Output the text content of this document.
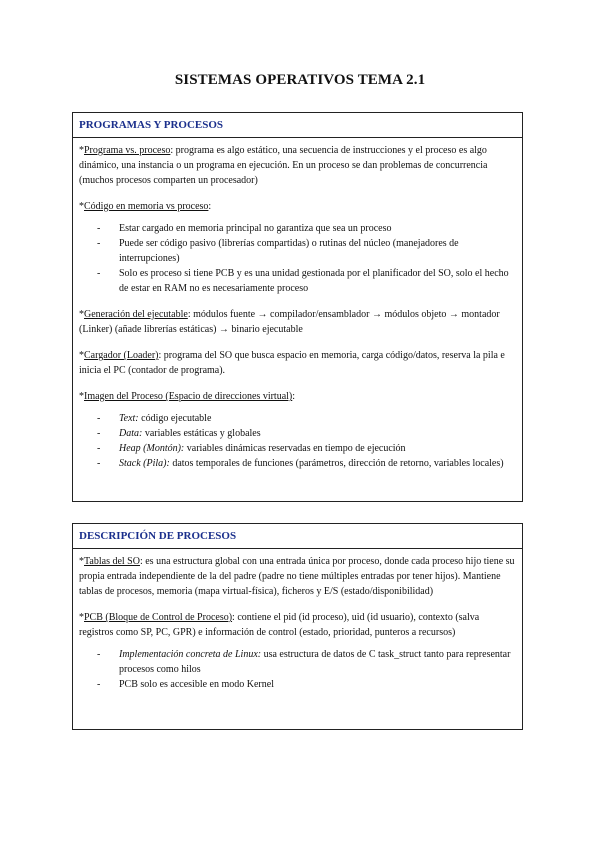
SISTEMAS OPERATIVOS TEMA 2.1
PROGRAMAS Y PROCESOS

*Programa vs. proceso: programa es algo estático, una secuencia de instrucciones y el proceso es algo dinámico, una instancia o un programa en ejecución. En un proceso se dan problemas de concurrencia (muchos procesos comparten un procesador)

*Código en memoria vs proceso:

- Estar cargado en memoria principal no garantiza que sea un proceso
- Puede ser código pasivo (librerías compartidas) o rutinas del núcleo (manejadores de interrupciones)
- Solo es proceso si tiene PCB y es una unidad gestionada por el planificador del SO, solo el hecho de estar en RAM no es necesariamente proceso

*Generación del ejecutable: módulos fuente → compilador/ensamblador → módulos objeto → montador (Linker) (añade librerías estáticas) → binario ejecutable

*Cargador (Loader): programa del SO que busca espacio en memoria, carga código/datos, reserva la pila e inicia el PC (contador de programa).

*Imagen del Proceso (Espacio de direcciones virtual):

- Text: código ejecutable
- Data: variables estáticas y globales
- Heap (Montón): variables dinámicas reservadas en tiempo de ejecución
- Stack (Pila): datos temporales de funciones (parámetros, dirección de retorno, variables locales)
DESCRIPCIÓN DE PROCESOS

*Tablas del SO: es una estructura global con una entrada única por proceso, donde cada proceso hijo tiene su propia entrada independiente de la del padre (padre no tiene múltiples entradas por tener hijos). Mantiene tablas de procesos, memoria (mapa virtual-física), ficheros y E/S (estado/disponibilidad)

*PCB (Bloque de Control de Proceso): contiene el pid (id proceso), uid (id usuario), contexto (salva registros como SP, PC, GPR) e información de control (estado, prioridad, punteros a recursos)

- Implementación concreta de Linux: usa estructura de datos de C task_struct tanto para representar procesos como hilos
- PCB solo es accesible en modo Kernel
